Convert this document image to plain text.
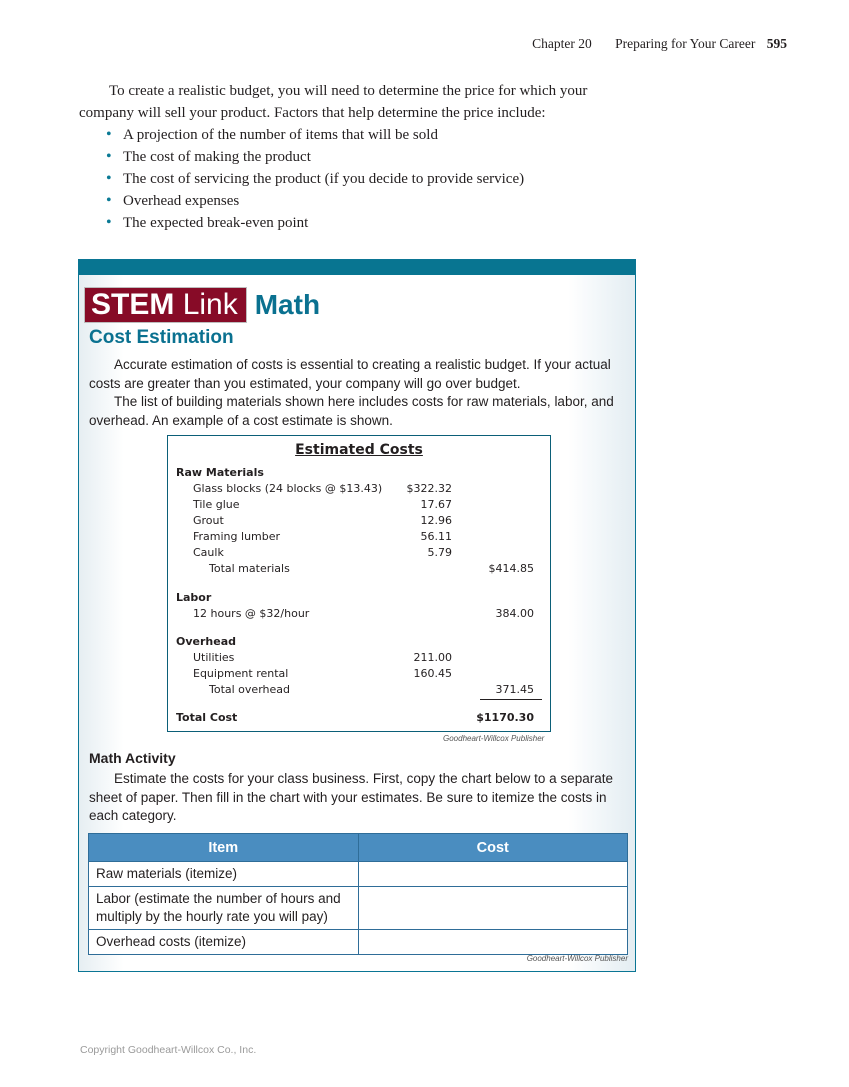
Chapter 20 Preparing for Your Career 595

To create a realistic budget, you will need to determine the price for which your company will sell your product. Factors that help determine the price include:

• A projection of the number of items that will be sold
• The cost of making the product
• The cost of servicing the product (if you decide to provide service)
• Overhead expenses
• The expected break-even point
STEM Link Math
Cost Estimation

Accurate estimation of costs is essential to creating a realistic budget. If your actual costs are greater than you estimated, your company will go over budget.

The list of building materials shown here includes costs for raw materials, labor, and overhead. An example of a cost estimate is shown.

Estimated Costs
Raw Materials
Glass blocks (24 blocks @ $13.43) $322.32
Tile glue	17.67
Grout	12.96
Framing lumber	56.11
Caulk	5.79
Total materials	$414.85
Labor
12 hours @ $32/hour	384.00
Overhead
Utilities	211.00
Equipment rental	160.45
Total overhead	371.45
Total Cost	$1170.30
Goodheart-Willcox Publisher
Math Activity

Estimate the costs for your class business. First, copy the chart below to a separate sheet of paper. Then fill in the chart with your estimates. Be sure to itemize the costs in each category.

Item	Cost
Raw materials (itemize)	
Labor (estimate the number of hours and multiply by the hourly rate you will pay)	
Overhead costs (itemize)	
Goodheart-Willcox Publisher
Copyright Goodheart-Willcox Co., Inc.
